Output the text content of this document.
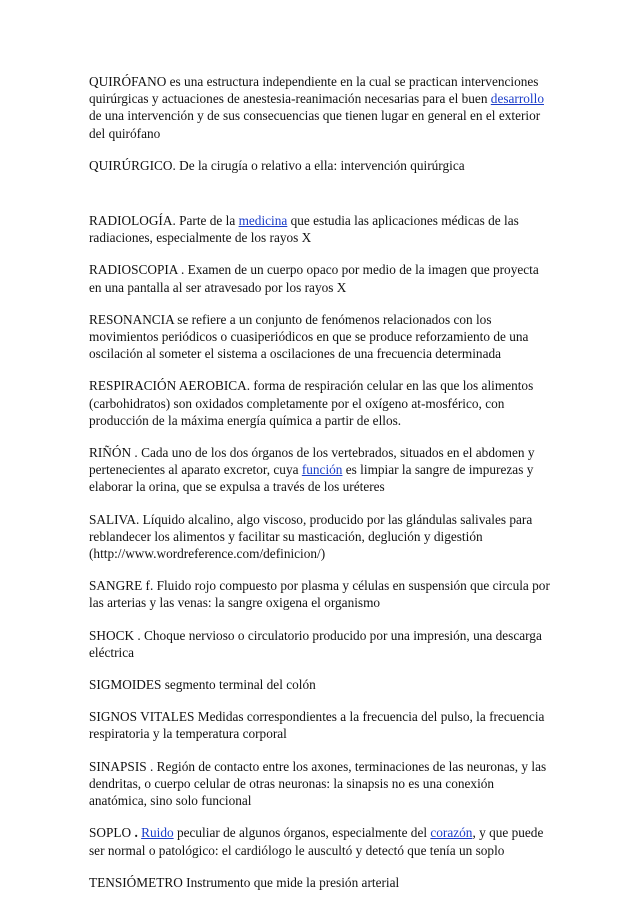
QUIRÓFANO es una estructura independiente en la cual se practican intervenciones quirúrgicas y actuaciones de anestesia-reanimación necesarias para el buen desarrollo de una intervención y de sus consecuencias que tienen lugar en general en el exterior del quirófano

QUIRÚRGICO. De la cirugía o relativo a ella: intervención quirúrgica

RADIOLOGÍA. Parte de la medicina que estudia las aplicaciones médicas de las radiaciones, especialmente de los rayos X

RADIOSCOPIA . Examen de un cuerpo opaco por medio de la imagen que proyecta en una pantalla al ser atravesado por los rayos X

RESONANCIA se refiere a un conjunto de fenómenos relacionados con los movimientos periódicos o cuasiperiódicos en que se produce reforzamiento de una oscilación al someter el sistema a oscilaciones de una frecuencia determinada

RESPIRACIÓN AEROBICA. forma de respiración celular en las que los alimentos (carbohidratos) son oxidados completamente por el oxígeno at-mosférico, con producción de la máxima energía química a partir de ellos.

RIÑÓN . Cada uno de los dos órganos de los vertebrados, situados en el abdomen y pertenecientes al aparato excretor, cuya función es limpiar la sangre de impurezas y elaborar la orina, que se expulsa a través de los uréteres

SALIVA. Líquido alcalino, algo viscoso, producido por las glándulas salivales para reblandecer los alimentos y facilitar su masticación, deglución y digestión (http://www.wordreference.com/definicion/)

SANGRE f. Fluido rojo compuesto por plasma y células en suspensión que circula por las arterias y las venas: la sangre oxigena el organismo

SHOCK . Choque nervioso o circulatorio producido por una impresión, una descarga eléctrica

SIGMOIDES segmento terminal del colón

SIGNOS VITALES Medidas correspondientes a la frecuencia del pulso, la frecuencia respiratoria y la temperatura corporal

SINAPSIS . Región de contacto entre los axones, terminaciones de las neuronas, y las dendritas, o cuerpo celular de otras neuronas: la sinapsis no es una conexión anatómica, sino solo funcional

SOPLO . Ruido peculiar de algunos órganos, especialmente del corazón, y que puede ser normal o patológico: el cardiólogo le auscultó y detectó que tenía un soplo

TENSIÓMETRO Instrumento que mide la presión arterial
